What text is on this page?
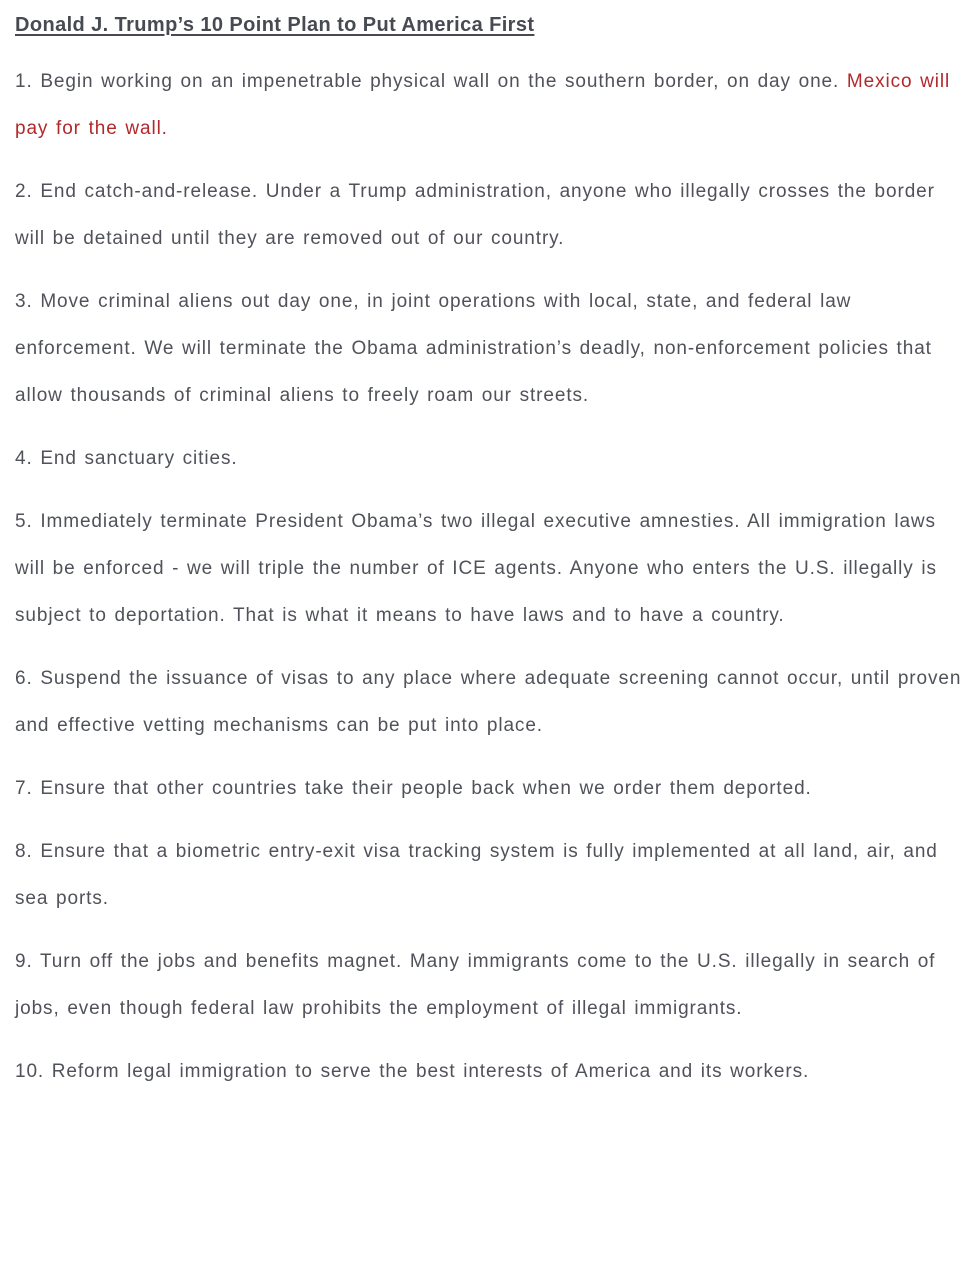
Donald J. Trump’s 10 Point Plan to Put America First

1. Begin working on an impenetrable physical wall on the southern border, on day one. Mexico will pay for the wall.

2. End catch-and-release. Under a Trump administration, anyone who illegally crosses the border will be detained until they are removed out of our country.

3. Move criminal aliens out day one, in joint operations with local, state, and federal law enforcement. We will terminate the Obama administration’s deadly, non-enforcement policies that allow thousands of criminal aliens to freely roam our streets.

4. End sanctuary cities.

5. Immediately terminate President Obama’s two illegal executive amnesties. All immigration laws will be enforced - we will triple the number of ICE agents. Anyone who enters the U.S. illegally is subject to deportation. That is what it means to have laws and to have a country.

6. Suspend the issuance of visas to any place where adequate screening cannot occur, until proven and effective vetting mechanisms can be put into place.

7. Ensure that other countries take their people back when we order them deported.

8. Ensure that a biometric entry-exit visa tracking system is fully implemented at all land, air, and sea ports.

9. Turn off the jobs and benefits magnet. Many immigrants come to the U.S. illegally in search of jobs, even though federal law prohibits the employment of illegal immigrants.

10. Reform legal immigration to serve the best interests of America and its workers.
